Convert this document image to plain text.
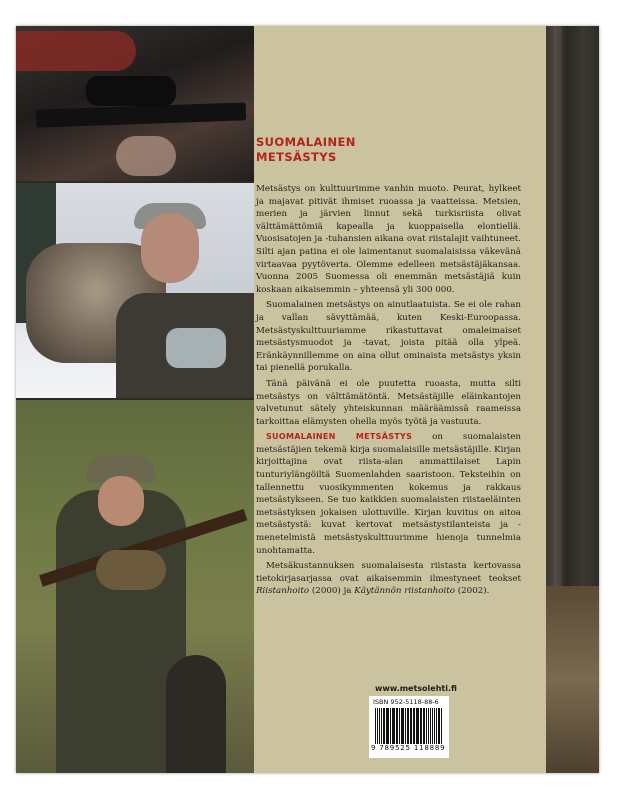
SUOMALAINEN
METSÄSTYS

Metsästys on kulttuurimme vanhin muoto. Peurat, hylkeet ja majavat pitivät ihmiset ruoassa ja vaatteissa. Metsien, merien ja järvien linnut sekä turkisriista olivat välttämättömiä kapealla ja kuoppaisella elontiellä. Vuosisatojen ja -tuhansien aikana ovat riistalajit vaihtuneet. Silti ajan patina ei ole laimentanut suomalaisissa väkevänä virtaavaa pyytöverta. Olemme edelleen metsästäjäkansaa. Vuonna 2005 Suomessa oli enemmän metsästäjiä kuin koskaan aikaisemmin – yhteensä yli 300 000.

Suomalainen metsästys on ainutlaatuista. Se ei ole rahan ja vallan sävyttämää, kuten Keski-Euroopassa. Metsästyskulttuuriamme rikastuttavat omaleimaiset metsästysmuodot ja -tavat, joista pitää olla ylpeä. Eränkäynnillemme on aina ollut ominaista metsästys yksin tai pienellä porukalla.

Tänä päivänä ei ole puutetta ruoasta, mutta silti metsästys on välttämätöntä. Metsästäjille eläinkantojen valvetunut sätely yhteiskunnan määräämissä raameissa tarkoittaa elämysten ohella myös työtä ja vastuuta.

SUOMALAINEN METSÄSTYS on suomalaisten metsästäjien tekemä kirja suomalaisille metsästäjille. Kirjan kirjoittajina ovat riista-alan ammattilaiset Lapin tunturiylängöiltä Suomenlahden saaristoon. Teksteihin on tallennettu vuosikymmenten kokemus ja rakkaus metsästykseen. Se tuo kaikkien suomalaisten riistaeläinten metsästyksen jokaisen ulottuville. Kirjan kuvitus on aitoa metsästystä: kuvat kertovat metsästystilanteista ja -menetelmistä metsästyskulttuurimme hienoja tunnelmia unohtamatta.

Metsäkustannuksen suomalaisesta riistasta kertovassa tietokirjasarjassa ovat aikaisemmin ilmestyneet teokset Riistanhoito (2000) ja Käytännön riistanhoito (2002).

www.metsolehti.fi
ISBN 952-5118-88-6
9 789525 118889
